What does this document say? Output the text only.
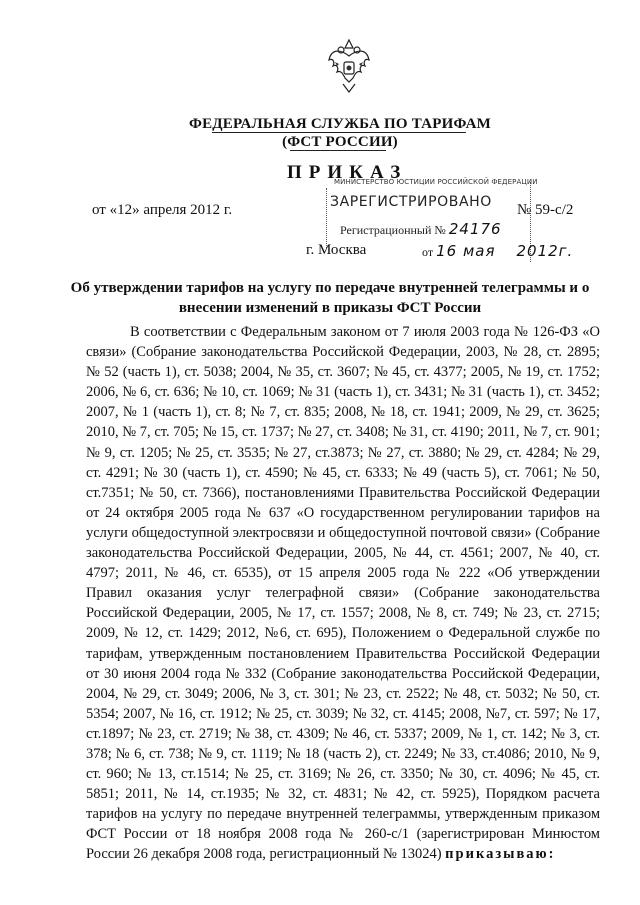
ФЕДЕРАЛЬНАЯ СЛУЖБА ПО ТАРИФАМ
(ФСТ РОССИИ)
ПРИКАЗ
от «12» апреля 2012 г.	№ 59-с/2
МИНИСТЕРСТВО ЮСТИЦИИ РОССИЙСКОЙ ФЕДЕРАЦИИ
ЗАРЕГИСТРИРОВАНО
Регистрационный № 24176
от 16 мая 2012г.
г. Москва
Об утверждении тарифов на услугу по передаче внутренней телеграммы и о внесении изменений в приказы ФСТ России

В соответствии с Федеральным законом от 7 июля 2003 года № 126-ФЗ «О связи» (Собрание законодательства Российской Федерации, 2003, № 28, ст. 2895; № 52 (часть 1), ст. 5038; 2004, № 35, ст. 3607; № 45, ст. 4377; 2005, № 19, ст. 1752; 2006, № 6, ст. 636; № 10, ст. 1069; № 31 (часть 1), ст. 3431; № 31 (часть 1), ст. 3452; 2007, № 1 (часть 1), ст. 8; № 7, ст. 835; 2008, № 18, ст. 1941; 2009, № 29, ст. 3625; 2010, № 7, ст. 705; № 15, ст. 1737; № 27, ст. 3408; № 31, ст. 4190; 2011, № 7, ст. 901; № 9, ст. 1205; № 25, ст. 3535; № 27, ст.3873; № 27, ст. 3880; № 29, ст. 4284; № 29, ст. 4291; № 30 (часть 1), ст. 4590; № 45, ст. 6333; № 49 (часть 5), ст. 7061; № 50, ст.7351; № 50, ст. 7366), постановлениями Правительства Российской Федерации от 24 октября 2005 года № 637 «О государственном регулировании тарифов на услуги общедоступной электросвязи и общедоступной почтовой связи» (Собрание законодательства Российской Федерации, 2005, № 44, ст. 4561; 2007, № 40, ст. 4797; 2011, № 46, ст. 6535), от 15 апреля 2005 года № 222 «Об утверждении Правил оказания услуг телеграфной связи» (Собрание законодательства Российской Федерации, 2005, № 17, ст. 1557; 2008, № 8, ст. 749; № 23, ст. 2715; 2009, № 12, ст. 1429; 2012, №6, ст. 695), Положением о Федеральной службе по тарифам, утвержденным постановлением Правительства Российской Федерации от 30 июня 2004 года № 332 (Собрание законодательства Российской Федерации, 2004, № 29, ст. 3049; 2006, № 3, ст. 301; № 23, ст. 2522; № 48, ст. 5032; № 50, ст. 5354; 2007, № 16, ст. 1912; № 25, ст. 3039; № 32, ст. 4145; 2008, №7, ст. 597; № 17, ст.1897; № 23, ст. 2719; № 38, ст. 4309; № 46, ст. 5337; 2009, № 1, ст. 142; № 3, ст. 378; № 6, ст. 738; № 9, ст. 1119; № 18 (часть 2), ст. 2249; № 33, ст.4086; 2010, № 9, ст. 960; № 13, ст.1514; № 25, ст. 3169; № 26, ст. 3350; № 30, ст. 4096; № 45, ст. 5851; 2011, № 14, ст.1935; № 32, ст. 4831; № 42, ст. 5925), Порядком расчета тарифов на услугу по передаче внутренней телеграммы, утвержденным приказом ФСТ России от 18 ноября 2008 года № 260-с/1 (зарегистрирован Минюстом России 26 декабря 2008 года, регистрационный № 13024) приказываю:
